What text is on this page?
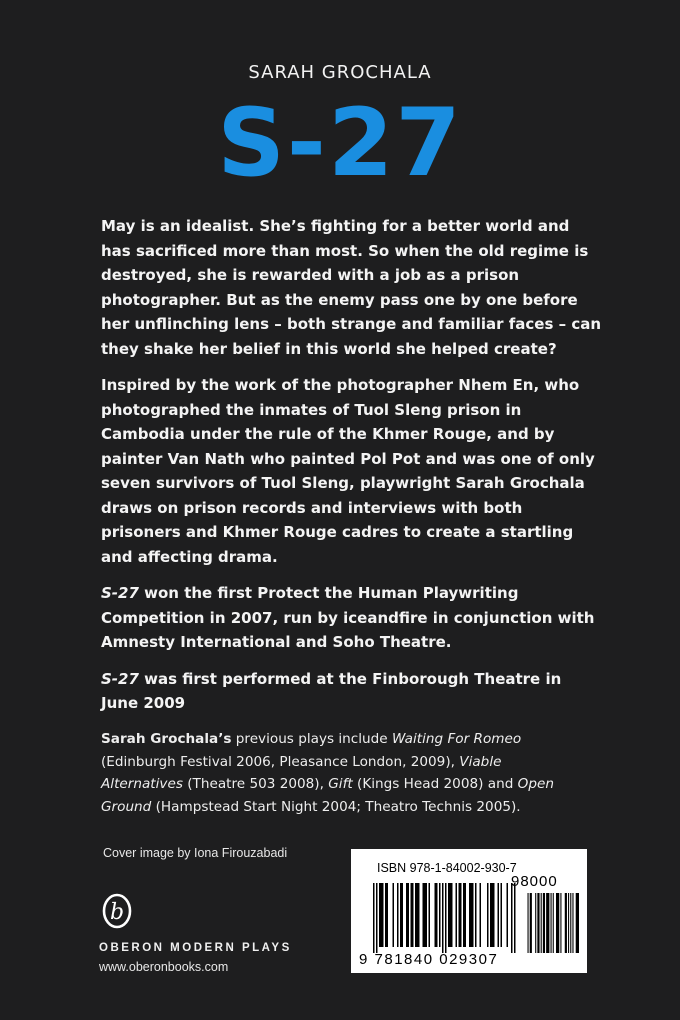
SARAH GROCHALA
S-27

May is an idealist. She’s fighting for a better world and has sacrificed more than most. So when the old regime is destroyed, she is rewarded with a job as a prison photographer. But as the enemy pass one by one before her unflinching lens – both strange and familiar faces – can they shake her belief in this world she helped create?

Inspired by the work of the photographer Nhem En, who photographed the inmates of Tuol Sleng prison in Cambodia under the rule of the Khmer Rouge, and by painter Van Nath who painted Pol Pot and was one of only seven survivors of Tuol Sleng, playwright Sarah Grochala draws on prison records and interviews with both prisoners and Khmer Rouge cadres to create a startling and affecting drama.

S-27 won the first Protect the Human Playwriting Competition in 2007, run by iceandfire in conjunction with Amnesty International and Soho Theatre.

S-27 was first performed at the Finborough Theatre in June 2009

Sarah Grochala’s previous plays include Waiting For Romeo (Edinburgh Festival 2006, Pleasance London, 2009), Viable Alternatives (Theatre 503 2008), Gift (Kings Head 2008) and Open Ground (Hampstead Start Night 2004; Theatro Technis 2005).
Cover image by Iona Firouzabadi
b
OBERON MODERN PLAYS
www.oberonbooks.com
ISBN 978-1-84002-930-7
98000
9 781840 029307
